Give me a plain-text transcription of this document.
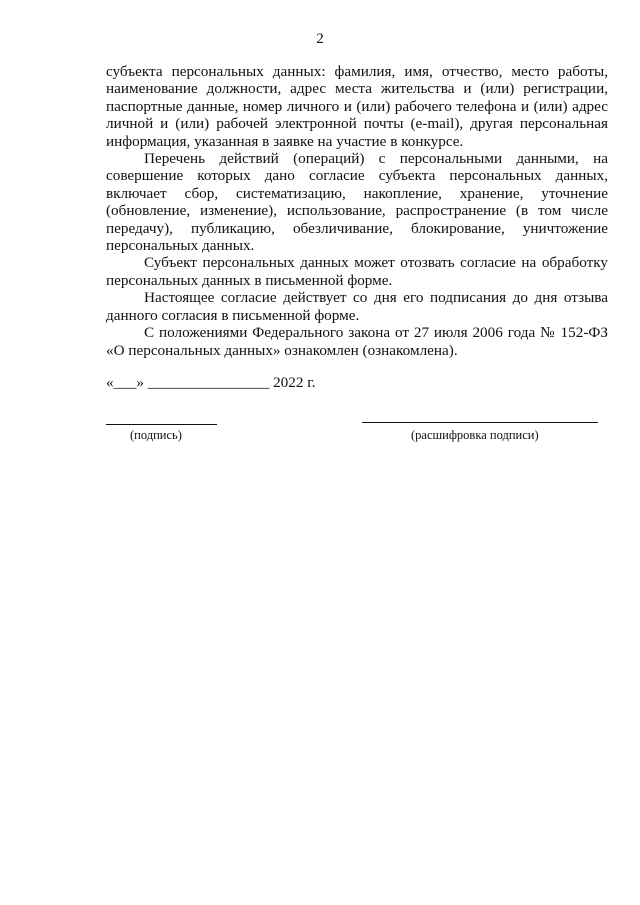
2

субъекта персональных данных: фамилия, имя, отчество, место работы, наименование должности, адрес места жительства и (или) регистрации, паспортные данные, номер личного и (или) рабочего телефона и (или) адрес личной и (или) рабочей электронной почты (e-mail), другая персональная информация, указанная в заявке на участие в конкурсе.

Перечень действий (операций) с персональными данными, на совершение которых дано согласие субъекта персональных данных, включает сбор, систематизацию, накопление, хранение, уточнение (обновление, изменение), использование, распространение (в том числе передачу), публикацию, обезличивание, блокирование, уничтожение персональных данных.

Субъект персональных данных может отозвать согласие на обработку персональных данных в письменной форме.

Настоящее согласие действует со дня его подписания до дня отзыва данного согласия в письменной форме.

С положениями Федерального закона от 27 июля 2006 года № 152-ФЗ «О персональных данных» ознакомлен (ознакомлена).

«___» ________________ 2022 г.
(подпись)	(расшифровка подписи)
